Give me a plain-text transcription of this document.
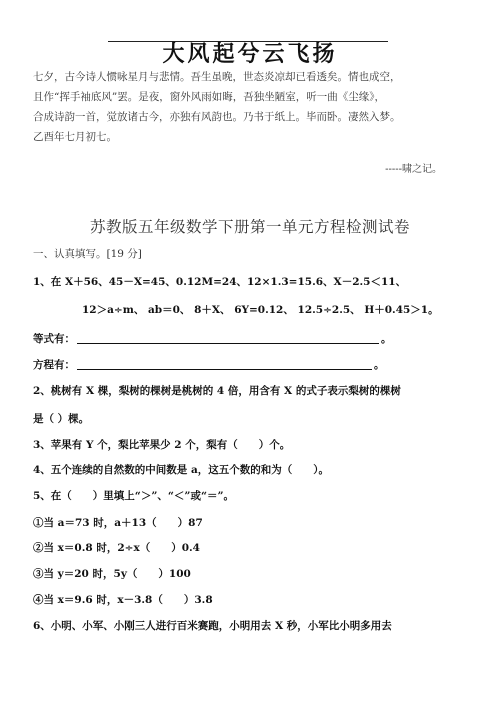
大风起兮云飞扬
七夕，古今诗人惯咏星月与悲情。吾生虽晚，世态炎凉却已看透矣。情也成空，
且作“挥手袖底风”罢。是夜，窗外风雨如晦，吾独坐陋室，听一曲《尘缘》，
合成诗韵一首，觉放诸古今，亦独有风韵也。乃书于纸上。毕而卧。凄然入梦。
乙酉年七月初七。
-----啸之记。
苏教版五年级数学下册第一单元方程检测试卷
一、认真填写。[19 分]
1、在 X＋56、45－X=45、0.12M=24、12×1.3=15.6、X－2.5＜11、
12＞a÷m、 ab＝0、 8＋X、 6Y=0.12、 12.5÷2.5、 H＋0.45＞1。
等式有：	。
方程有：	。
2、桃树有 X 棵，梨树的棵树是桃树的 4 倍，用含有 X 的式子表示梨树的棵树
是（ ）棵。
3、苹果有 Y 个，梨比苹果少 2 个，梨有（　　）个。
4、五个连续的自然数的中间数是 a，这五个数的和为（　　）。
5、在（　　）里填上“＞”、“＜”或“＝”。
①当 a＝73 时，a＋13（　　）87
②当 x＝0.8 时，2÷x（　　）0.4
③当 y＝20 时，5y（　　）100
④当 x＝9.6 时，x－3.8（　　）3.8
6、小明、小军、小刚三人进行百米赛跑，小明用去 X 秒，小军比小明多用去
